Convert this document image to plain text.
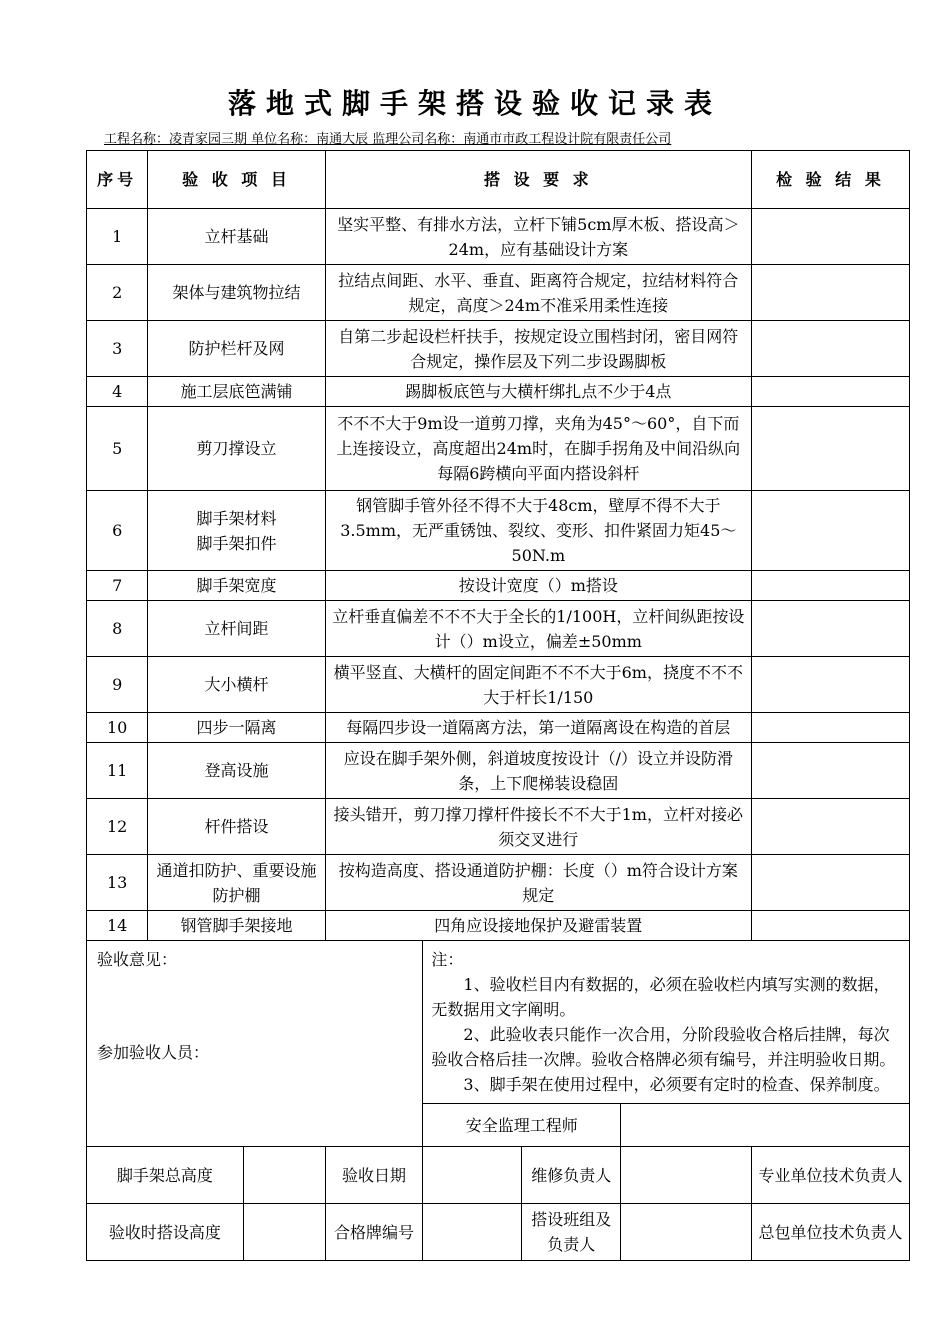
落地式脚手架搭设验收记录表
工程名称：凌青家园三期 单位名称：南通大辰 监理公司名称：南通市市政工程设计院有限责任公司
序号	验 收 项 目		搭 设 要 求				检 验 结 果
1	立杆基础		坚实平整、有排水方法，立杆下铺5cm厚木板、搭设高＞24m，应有基础设计方案				
2	架体与建筑物拉结		拉结点间距、水平、垂直、距离符合规定，拉结材料符合规定，高度＞24m不准采用柔性连接				
3	防护栏杆及网		自第二步起设栏杆扶手，按规定设立围档封闭，密目网符合规定，操作层及下列二步设踢脚板				
4	施工层底笆满铺		踢脚板底笆与大横杆绑扎点不少于4点				
5	剪刀撑设立		不不不大于9m设一道剪刀撑，夹角为45°～60°，自下而上连接设立，高度超出24m时，在脚手拐角及中间沿纵向每隔6跨横向平面内搭设斜杆				
6	脚手架材料
脚手架扣件		钢管脚手管外径不得不大于48cm，壁厚不得不大于3.5mm，无严重锈蚀、裂纹、变形、扣件紧固力矩45～50N.m				
7	脚手架宽度		按设计宽度（）m搭设				
8	立杆间距		立杆垂直偏差不不不大于全长的1/100H，立杆间纵距按设计（）m设立，偏差±50mm				
9	大小横杆		横平竖直、大横杆的固定间距不不不大于6m，挠度不不不大于杆长1/150				
10	四步一隔离		每隔四步设一道隔离方法，第一道隔离设在构造的首层				
11	登高设施		应设在脚手架外侧，斜道坡度按设计（/）设立并设防滑条，上下爬梯装设稳固				
12	杆件搭设		接头错开，剪刀撑刀撑杆件接长不不大于1m，立杆对接必须交叉进行				
13	通道扣防护、重要设施防护棚		按构造高度、搭设通道防护棚：长度（）m符合设计方案规定				
14	钢管脚手架接地		四角应设接地保护及避雷装置				

验收意见：
参加验收人员：				注：
1、验收栏目内有数据的，必须在验收栏内填写实测的数据，无数据用文字阐明。
2、此验收表只能作一次合用，分阶段验收合格后挂牌，每次验收合格后挂一次牌。验收合格牌必须有编号，并注明验收日期。
3、脚手架在使用过程中，必须要有定时的检查、保养制度。			

				安全监理工程师			
脚手架总高度			验收日期		维修负责人		专业单位技术负责人
验收时搭设高度			合格牌编号		搭设班组及负责人		总包单位技术负责人
